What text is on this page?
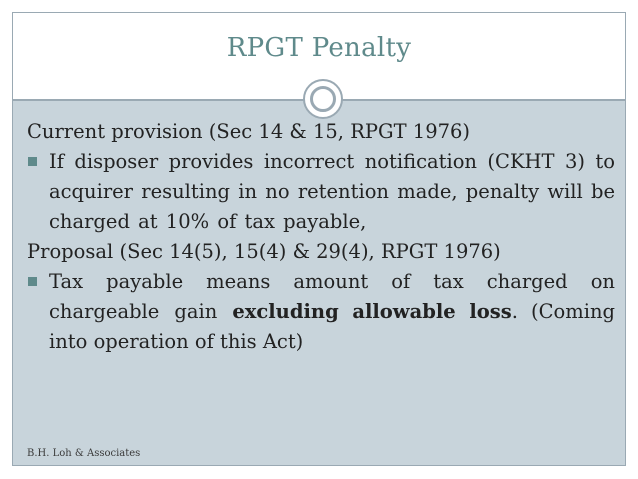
RPGT Penalty
Current provision (Sec 14 & 15, RPGT 1976)
If disposer provides incorrect notification (CKHT 3) to acquirer resulting in no retention made, penalty will be charged at 10% of tax payable,
Proposal (Sec 14(5), 15(4) & 29(4), RPGT 1976)
Tax payable means amount of tax charged on chargeable gain excluding allowable loss. (Coming into operation of this Act)
B.H. Loh & Associates
